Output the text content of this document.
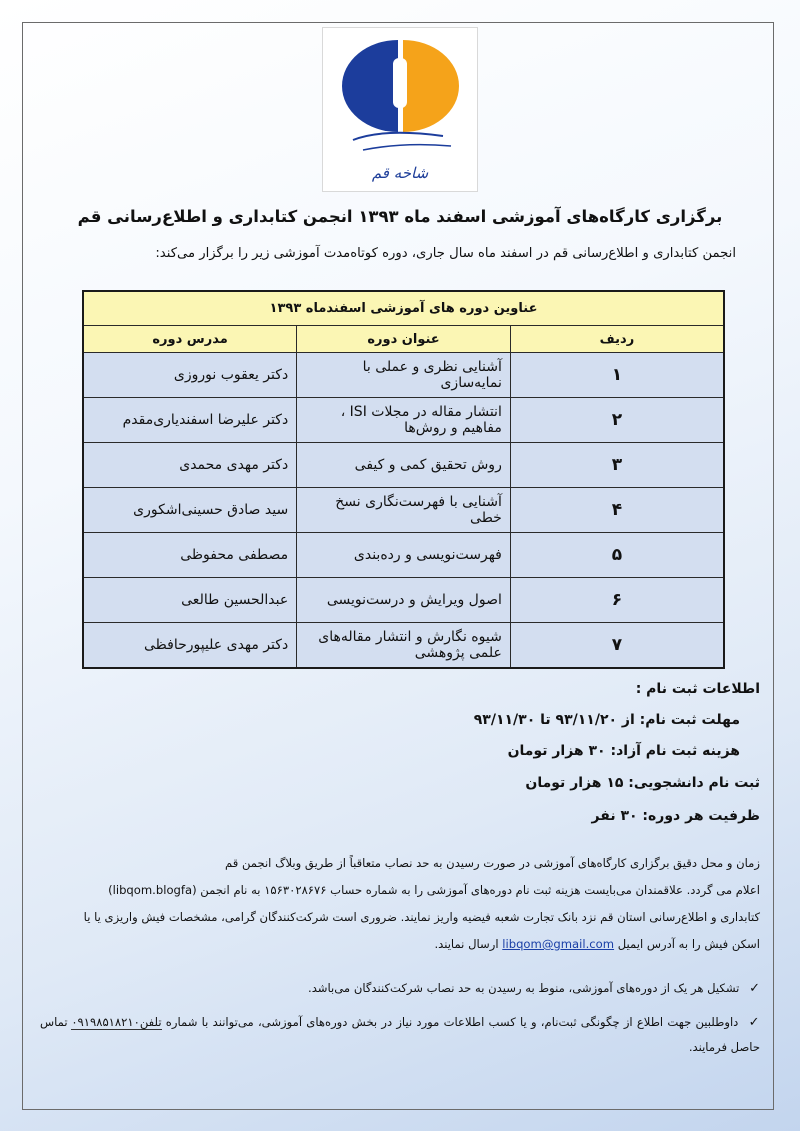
شاخه قم
برگزاری کارگاه‌های آموزشی اسفند ماه ۱۳۹۳ انجمن کتابداری و اطلاع‌رسانی قم
انجمن کتابداری و اطلاع‌رسانی قم در اسفند ماه سال جاری، دوره کوتاه‌مدت آموزشی زیر را برگزار می‌کند:
عناوین دوره های آموزشی اسفندماه ۱۳۹۳		
ردیف	عنوان دوره	مدرس دوره
۱	آشنایی نظری و عملی با نمایه‌سازی	دکتر یعقوب نوروزی
۲	انتشار مقاله در مجلات ISI ، مفاهیم و روش‌ها	دکتر علیرضا اسفندیاری‌مقدم
۳	روش تحقیق کمی و کیفی	دکتر مهدی محمدی
۴	آشنایی با فهرست‌نگاری نسخ خطی	سید صادق حسینی‌اشکوری
۵	فهرست‌نویسی و رده‌بندی	مصطفی محفوظی
۶	اصول ویرایش و درست‌نویسی	عبدالحسین طالعی
۷	شیوه نگارش و انتشار مقاله‌های علمی پژوهشی	دکتر مهدی علیپورحافظی
اطلاعات ثبت نام :
مهلت ثبت نام: از ۹۳/۱۱/۲۰ تا ۹۳/۱۱/۳۰
هزینه ثبت نام آزاد: ۳۰ هزار تومان
ثبت نام دانشجویی: ۱۵ هزار تومان
ظرفیت هر دوره: ۳۰ نفر
زمان و محل دقیق برگزاری کارگاه‌های آموزشی در صورت رسیدن به حد نصاب متعاقباً از طریق وبلاگ انجمن قم
اعلام می گردد. علاقمندان می‌بایست هزینه ثبت نام دوره‌های آموزشی را به شماره حساب ۱۵۶۳۰۲۸۶۷۶ به نام انجمن (libqom.blogfa)
کتابداری و اطلاع‌رسانی استان قم نزد بانک تجارت شعبه فیضیه واریز نمایند. ضروری است شرکت‌کنندگان گرامی، مشخصات فیش واریزی یا یا
اسکن فیش را به آدرس ایمیل libqom@gmail.com ارسال نمایند.
✓ تشکیل هر یک از دوره‌های آموزشی، منوط به رسیدن به حد نصاب شرکت‌کنندگان می‌باشد.
✓ داوطلبین جهت اطلاع از چگونگی ثبت‌نام، و یا کسب اطلاعات مورد نیاز در بخش دوره‌های آموزشی، می‌توانند با شماره تلفن۰۹۱۹۸۵۱۸۲۱۰ تماس حاصل فرمایند.
